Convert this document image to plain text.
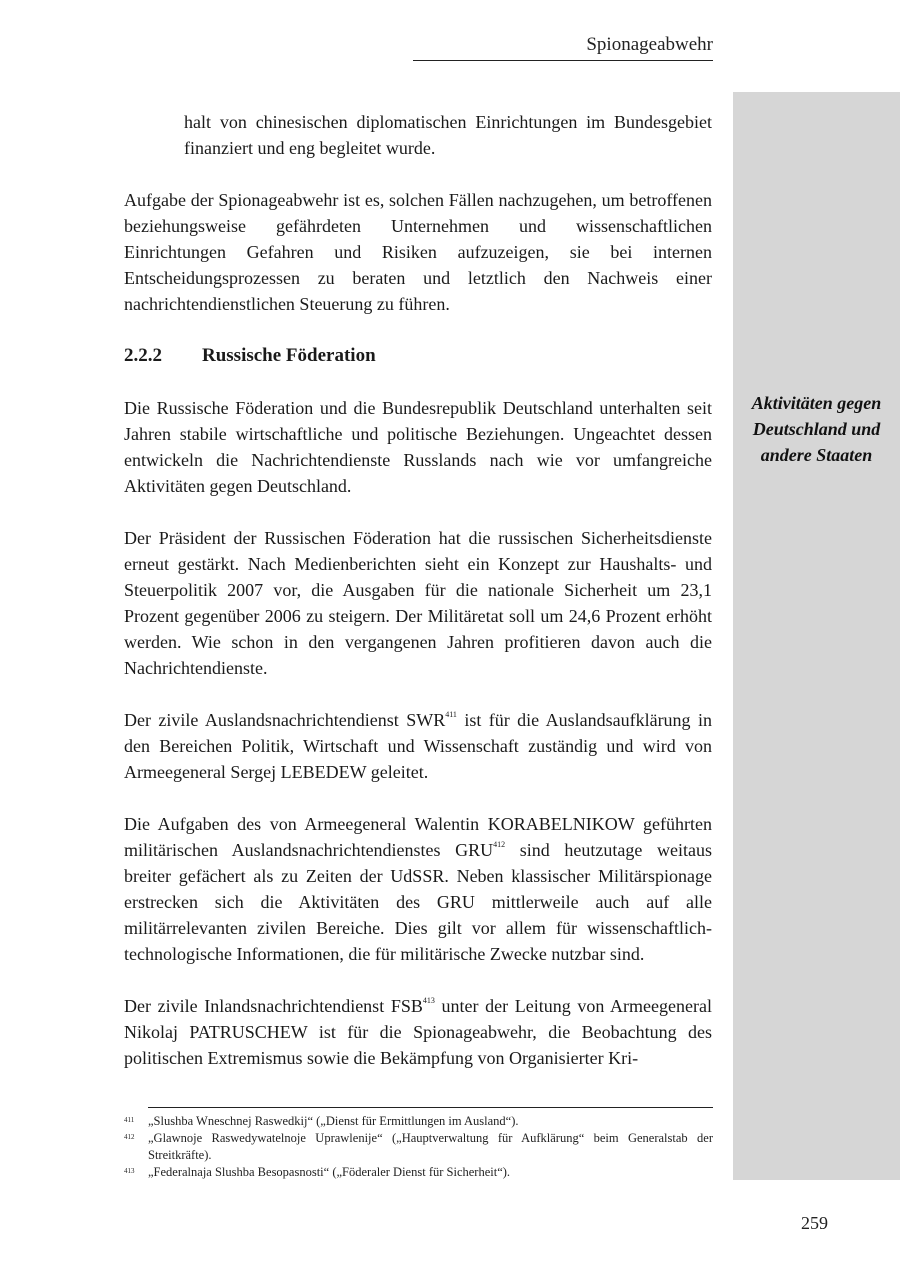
Spionageabwehr
Aktivitäten gegen
Deutschland und
andere Staaten

halt von chinesischen diplomatischen Einrichtungen im Bundesgebiet finanziert und eng begleitet wurde.

Aufgabe der Spionageabwehr ist es, solchen Fällen nachzugehen, um betroffenen beziehungsweise gefährdeten Unternehmen und wissenschaftlichen Einrichtungen Gefahren und Risiken aufzuzeigen, sie bei internen Entscheidungsprozessen zu beraten und letztlich den Nachweis einer nachrichtendienstlichen Steuerung zu führen.

2.2.2	Russische Föderation

Die Russische Föderation und die Bundesrepublik Deutschland unterhalten seit Jahren stabile wirtschaftliche und politische Beziehungen. Ungeachtet dessen entwickeln die Nachrichtendienste Russlands nach wie vor umfangreiche Aktivitäten gegen Deutschland.

Der Präsident der Russischen Föderation hat die russischen Sicherheitsdienste erneut gestärkt. Nach Medienberichten sieht ein Konzept zur Haushalts- und Steuerpolitik 2007 vor, die Ausgaben für die nationale Sicherheit um 23,1 Prozent gegenüber 2006 zu steigern. Der Militäretat soll um 24,6 Prozent erhöht werden. Wie schon in den vergangenen Jahren profitieren davon auch die Nachrichtendienste.

Der zivile Auslandsnachrichtendienst SWR$^{411}$ ist für die Auslandsaufklärung in den Bereichen Politik, Wirtschaft und Wissenschaft zuständig und wird von Armeegeneral Sergej LEBEDEW geleitet.

Die Aufgaben des von Armeegeneral Walentin KORABELNIKOW geführten militärischen Auslandsnachrichtendienstes GRU$^{412}$ sind heutzutage weitaus breiter gefächert als zu Zeiten der UdSSR. Neben klassischer Militärspionage erstrecken sich die Aktivitäten des GRU mittlerweile auch auf alle militärrelevanten zivilen Bereiche. Dies gilt vor allem für wissenschaftlich-technologische Informationen, die für militärische Zwecke nutzbar sind.

Der zivile Inlandsnachrichtendienst FSB$^{413}$ unter der Leitung von Armeegeneral Nikolaj PATRUSCHEW ist für die Spionageabwehr, die Beobachtung des politischen Extremismus sowie die Bekämpfung von Organisierter Kri-

411	„Slushba Wneschnej Raswedkij“ („Dienst für Ermittlungen im Ausland“).
412	„Glawnoje Raswedywatelnoje Uprawlenije“ („Hauptverwaltung für Aufklärung“ beim Generalstab der Streitkräfte).
413	„Federalnaja Slushba Besopasnosti“ („Föderaler Dienst für Sicherheit“).
259
